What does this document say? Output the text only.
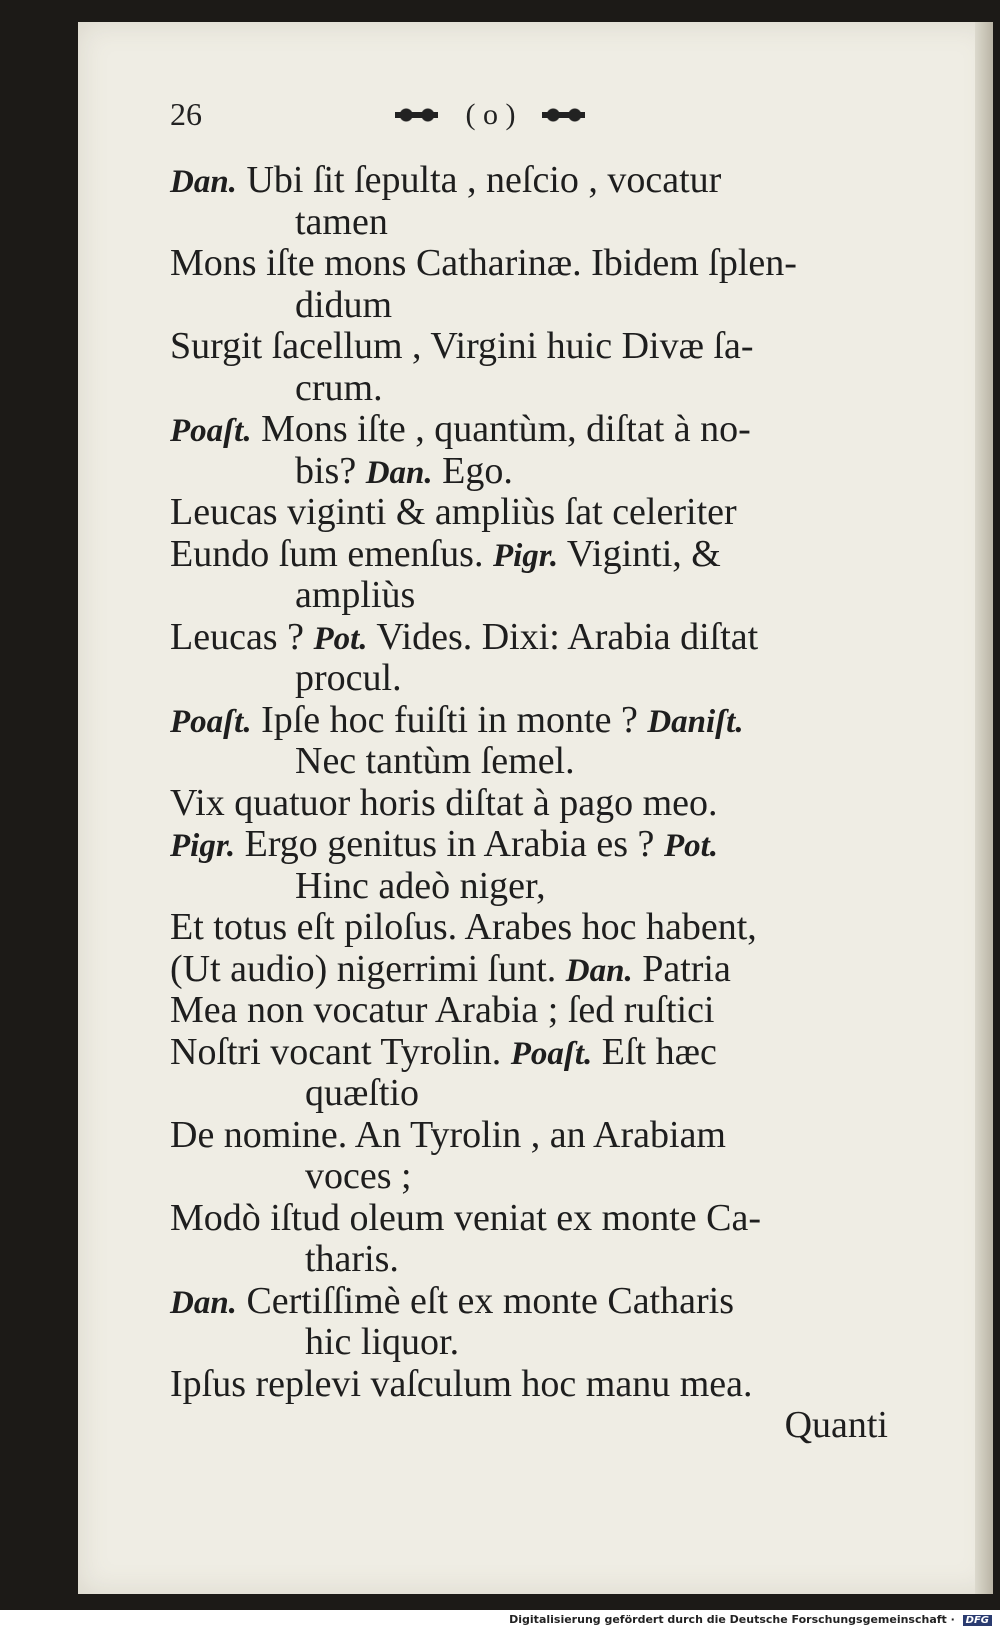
26	( o )
Dan. Ubi ſit ſepulta , neſcio , vocatur
tamen
Mons iſte mons Catharinæ. Ibidem ſplen-
didum
Surgit ſacellum , Virgini huic Divæ ſa-
crum.
Poaſt. Mons iſte , quantùm, diſtat à no-
bis? Dan. Ego.
Leucas viginti & ampliùs ſat celeriter
Eundo ſum emenſus. Pigr. Viginti, &
ampliùs
Leucas ? Pot. Vides. Dixi: Arabia diſtat
procul.
Poaſt. Ipſe hoc fuiſti in monte ? Daniſt.
Nec tantùm ſemel.
Vix quatuor horis diſtat à pago meo.
Pigr. Ergo genitus in Arabia es ? Pot.
Hinc adeò niger,
Et totus eſt piloſus. Arabes hoc habent,
(Ut audio) nigerrimi ſunt. Dan. Patria
Mea non vocatur Arabia ; ſed ruſtici
Noſtri vocant Tyrolin. Poaſt. Eſt hæc
quæſtio
De nomine. An Tyrolin , an Arabiam
voces ;
Modò iſtud oleum veniat ex monte Ca-
tharis.
Dan. Certiſſimè eſt ex monte Catharis
hic liquor.
Ipſus replevi vaſculum hoc manu mea.
Quanti
Digitalisierung gefördert durch die Deutsche Forschungsgemeinschaft · DFG
